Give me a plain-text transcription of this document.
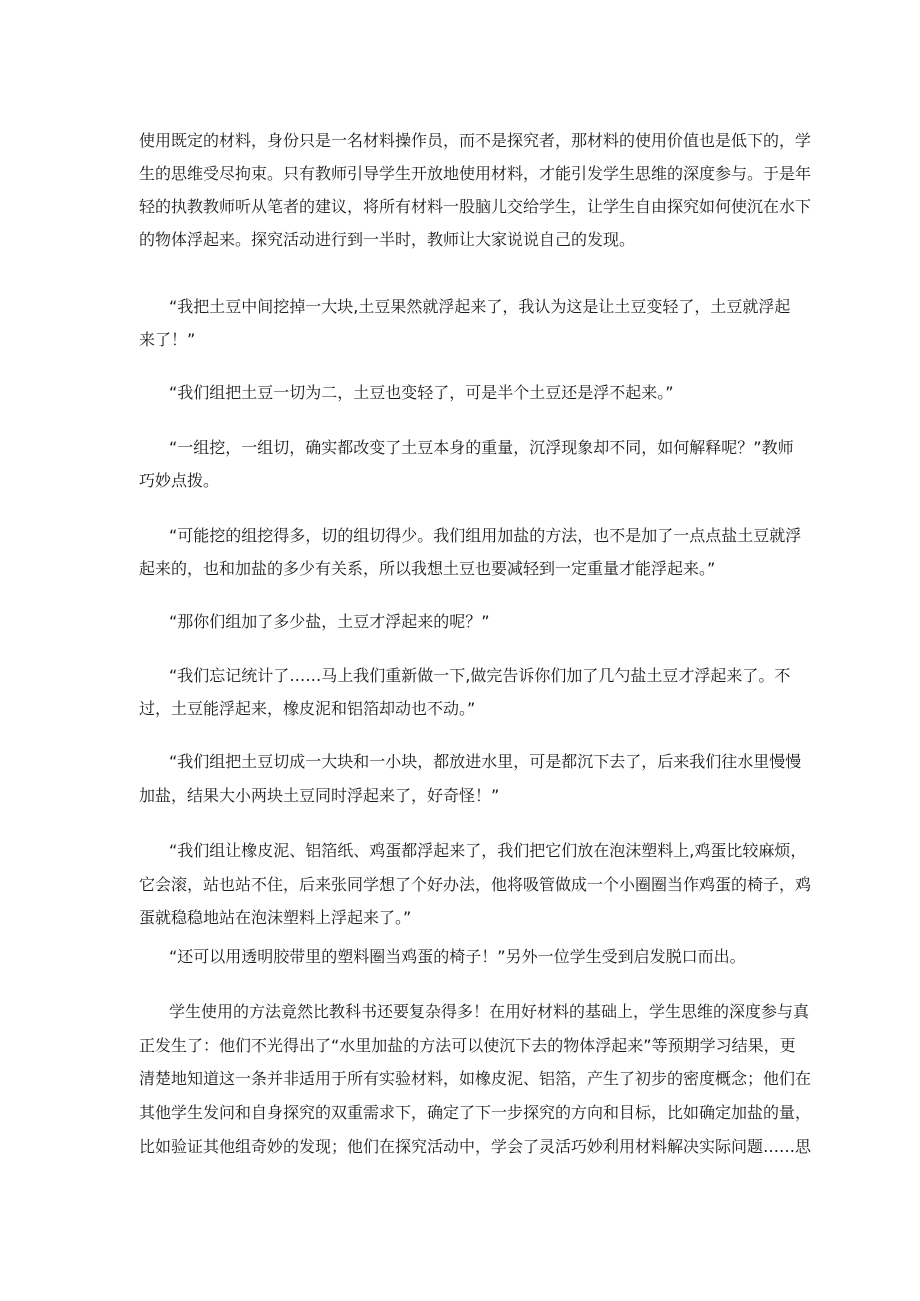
使用既定的材料，身份只是一名材料操作员，而不是探究者，那材料的使用价值也是低下的，学
生的思维受尽拘束。只有教师引导学生开放地使用材料，才能引发学生思维的深度参与。于是年
轻的执教教师听从笔者的建议，将所有材料一股脑儿交给学生，让学生自由探究如何使沉在水下
的物体浮起来。探究活动进行到一半时，教师让大家说说自己的发现。
“我把土豆中间挖掉一大块,土豆果然就浮起来了，我认为这是让土豆变轻了，土豆就浮起
来了！”
“我们组把土豆一切为二，土豆也变轻了，可是半个土豆还是浮不起来。”
“一组挖，一组切，确实都改变了土豆本身的重量，沉浮现象却不同，如何解释呢？”教师
巧妙点拨。
“可能挖的组挖得多，切的组切得少。我们组用加盐的方法，也不是加了一点点盐土豆就浮
起来的，也和加盐的多少有关系，所以我想土豆也要减轻到一定重量才能浮起来。”
“那你们组加了多少盐，土豆才浮起来的呢？”
“我们忘记统计了……马上我们重新做一下,做完告诉你们加了几勺盐土豆才浮起来了。不
过，土豆能浮起来，橡皮泥和铝箔却动也不动。”
“我们组把土豆切成一大块和一小块，都放进水里，可是都沉下去了，后来我们往水里慢慢
加盐，结果大小两块土豆同时浮起来了，好奇怪！”
“我们组让橡皮泥、铝箔纸、鸡蛋都浮起来了，我们把它们放在泡沫塑料上,鸡蛋比较麻烦，
它会滚，站也站不住，后来张同学想了个好办法，他将吸管做成一个小圈圈当作鸡蛋的椅子，鸡
蛋就稳稳地站在泡沫塑料上浮起来了。”
“还可以用透明胶带里的塑料圈当鸡蛋的椅子！”另外一位学生受到启发脱口而出。
学生使用的方法竟然比教科书还要复杂得多！在用好材料的基础上，学生思维的深度参与真
正发生了：他们不光得出了“水里加盐的方法可以使沉下去的物体浮起来”等预期学习结果，更
清楚地知道这一条并非适用于所有实验材料，如橡皮泥、铝箔，产生了初步的密度概念；他们在
其他学生发问和自身探究的双重需求下，确定了下一步探究的方向和目标，比如确定加盐的量，
比如验证其他组奇妙的发现；他们在探究活动中，学会了灵活巧妙利用材料解决实际问题……思
